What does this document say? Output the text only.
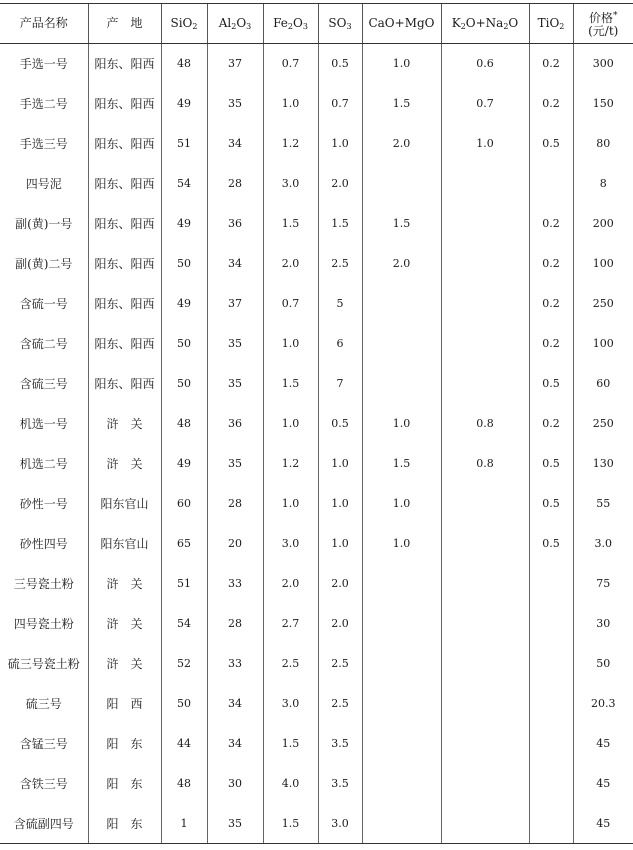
产品名称	产　地	SiO$_2$	$Al_2O_3$	$Fe_2O_3$	$SO_3$	CaO+MgO	$K_2O+Na_2O$	TiO$_2$	价格*
(元/t)
手选一号	阳东、阳西	48	37	0.7	0.5	1.0	0.6	0.2	300
手选二号	阳东、阳西	49	35	1.0	0.7	1.5	0.7	0.2	150
手选三号	阳东、阳西	51	34	1.2	1.0	2.0	1.0	0.5	80
四号泥	阳东、阳西	54	28	3.0	2.0				8
副(黄)一号	阳东、阳西	49	36	1.5	1.5	1.5		0.2	200
副(黄)二号	阳东、阳西	50	34	2.0	2.5	2.0		0.2	100
含硫一号	阳东、阳西	49	37	0.7	5			0.2	250
含硫二号	阳东、阳西	50	35	1.0	6			0.2	100
含硫三号	阳东、阳西	50	35	1.5	7			0.5	60
机选一号	浒　关	48	36	1.0	0.5	1.0	0.8	0.2	250
机选二号	浒　关	49	35	1.2	1.0	1.5	0.8	0.5	130
砂性一号	阳东官山	60	28	1.0	1.0	1.0		0.5	55
砂性四号	阳东官山	65	20	3.0	1.0	1.0		0.5	3.0
三号瓷土粉	浒　关	51	33	2.0	2.0				75
四号瓷土粉	浒　关	54	28	2.7	2.0				30
硫三号瓷土粉	浒　关	52	33	2.5	2.5				50
硫三号	阳　西	50	34	3.0	2.5				20.3
含锰三号	阳　东	44	34	1.5	3.5				45
含铁三号	阳　东	48	30	4.0	3.5				45
含硫副四号	阳　东	1	35	1.5	3.0				45
